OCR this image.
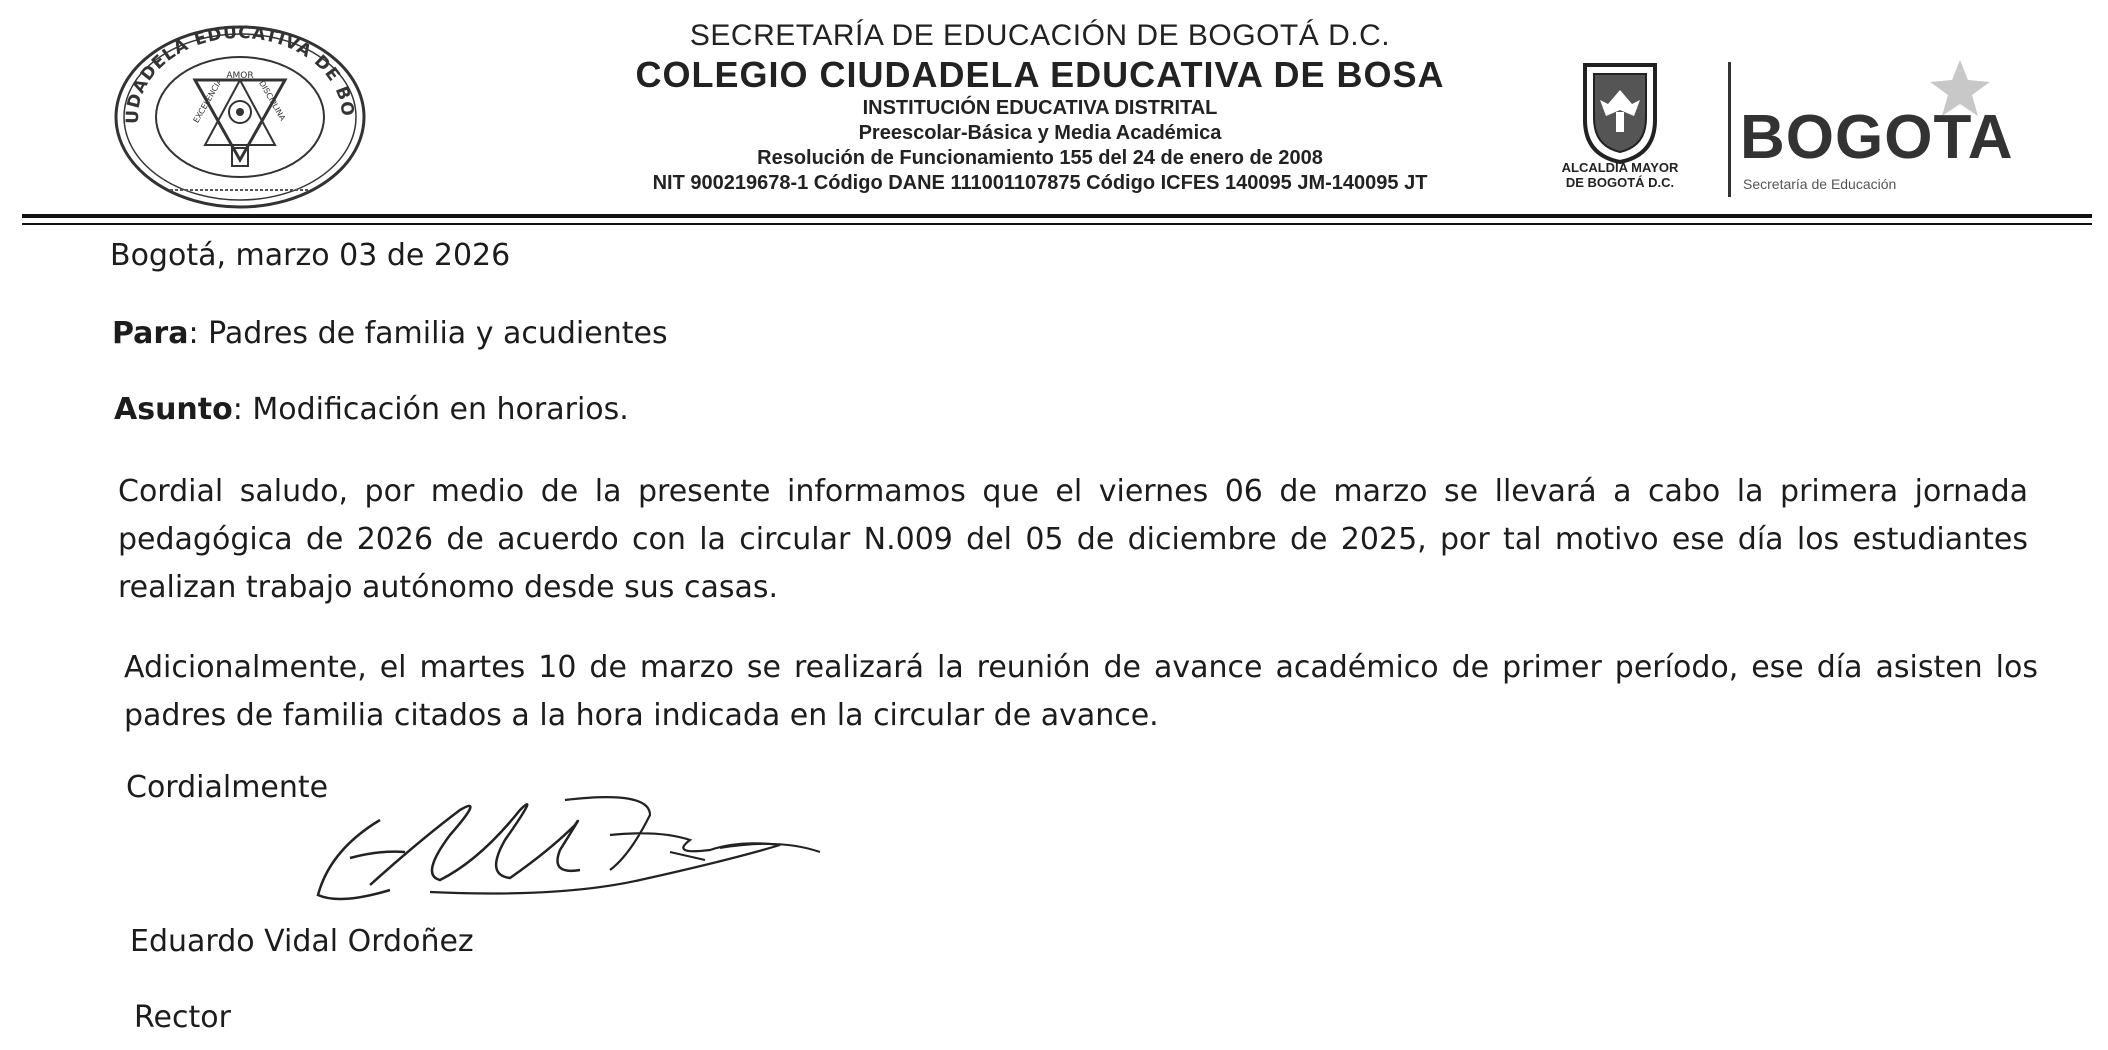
UDADELA EDUCATIVA DE BO
AMOR
EXCELENCIA	DISCIPLINA
SECRETARÍA DE EDUCACIÓN DE BOGOTÁ D.C.
COLEGIO CIUDADELA EDUCATIVA DE BOSA
INSTITUCIÓN EDUCATIVA DISTRITAL
Preescolar-Básica y Media Académica
Resolución de Funcionamiento 155 del 24 de enero de 2008
NIT 900219678-1 Código DANE 111001107875 Código ICFES 140095 JM-140095 JT
ALCALDÍA MAYOR
DE BOGOTÁ D.C.
BOGOTA
Secretaría de Educación
Bogotá, marzo 03 de 2026
Para: Padres de familia y acudientes
Asunto: Modificación en horarios.
Cordial saludo, por medio de la presente informamos que el viernes 06 de marzo se llevará a cabo la primera jornada pedagógica de 2026 de acuerdo con la circular N.009 del 05 de diciembre de 2025, por tal motivo ese día los estudiantes realizan trabajo autónomo desde sus casas.
Adicionalmente, el martes 10 de marzo se realizará la reunión de avance académico de primer período, ese día asisten los padres de familia citados a la hora indicada en la circular de avance.
Cordialmente
Eduardo Vidal Ordoñez
Rector
